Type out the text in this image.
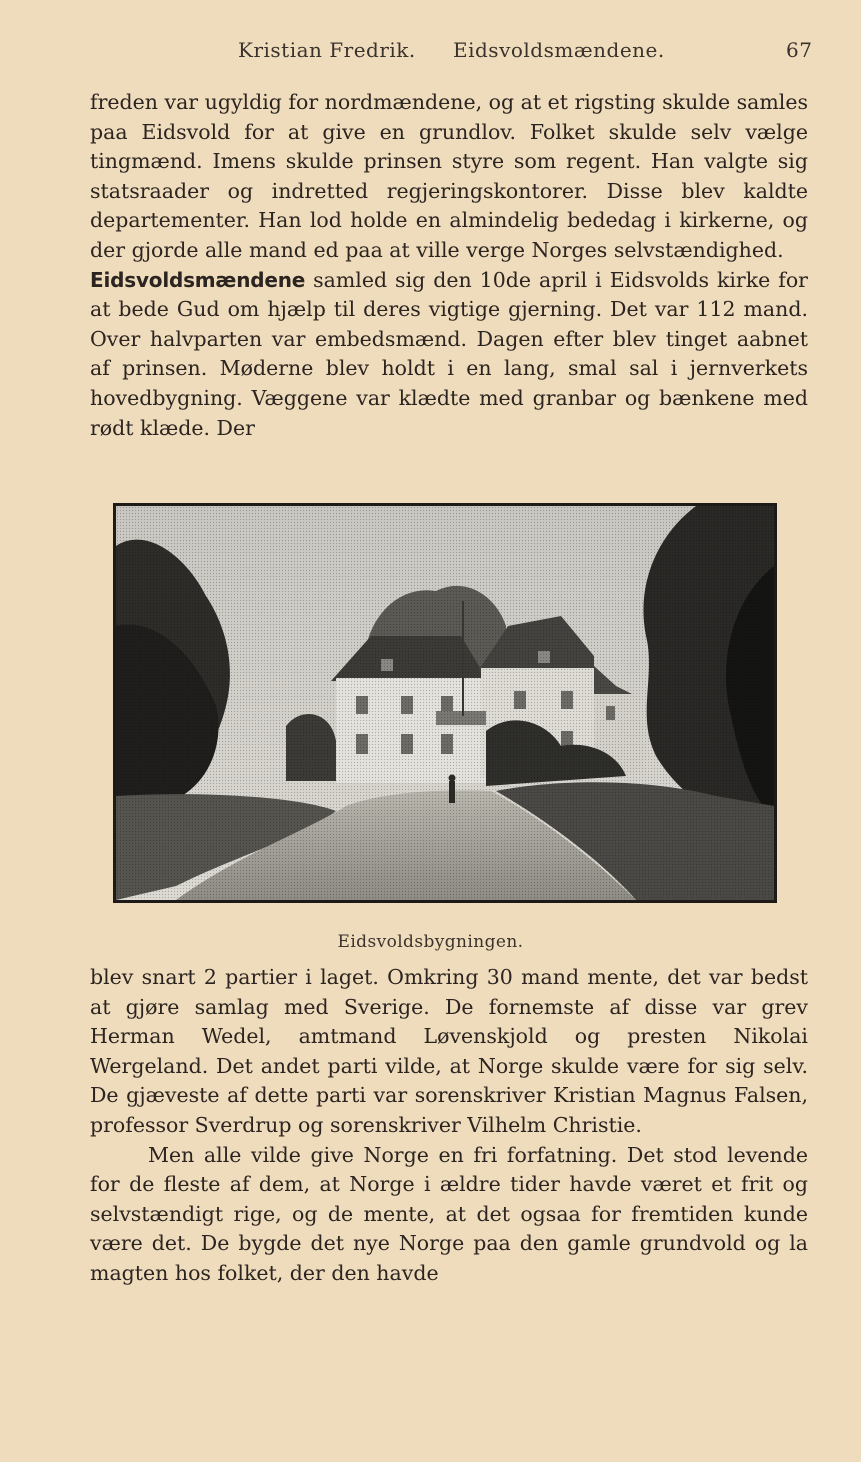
Kristian Fredrik. Eidsvoldsmændene.	67

freden var ugyldig for nordmændene, og at et rigsting skulde samles paa Eidsvold for at give en grundlov. Folket skulde selv vælge tingmænd. Imens skulde prinsen styre som regent. Han valgte sig statsraader og indretted regjeringskontorer. Disse blev kaldte departementer. Han lod holde en almindelig bededag i kirkerne, og der gjorde alle mand ed paa at ville verge Norges selvstændighed.

Eidsvoldsmændene samled sig den 10de april i Eidsvolds kirke for at bede Gud om hjælp til deres vigtige gjerning. Det var 112 mand. Over halvparten var embedsmænd. Dagen efter blev tinget aabnet af prinsen. Møderne blev holdt i en lang, smal sal i jernverkets hovedbygning. Væggene var klædte med granbar og bænkene med rødt klæde. Der

Eidsvoldsbygningen.

blev snart 2 partier i laget. Omkring 30 mand mente, det var bedst at gjøre samlag med Sverige. De fornemste af disse var grev Herman Wedel, amtmand Løvenskjold og presten Nikolai Wergeland. Det andet parti vilde, at Norge skulde være for sig selv. De gjæveste af dette parti var sorenskriver Kristian Magnus Falsen, professor Sverdrup og sorenskriver Vilhelm Christie.

Men alle vilde give Norge en fri forfatning. Det stod levende for de fleste af dem, at Norge i ældre tider havde været et frit og selvstændigt rige, og de mente, at det ogsaa for fremtiden kunde være det. De bygde det nye Norge paa den gamle grundvold og la magten hos folket, der den havde
